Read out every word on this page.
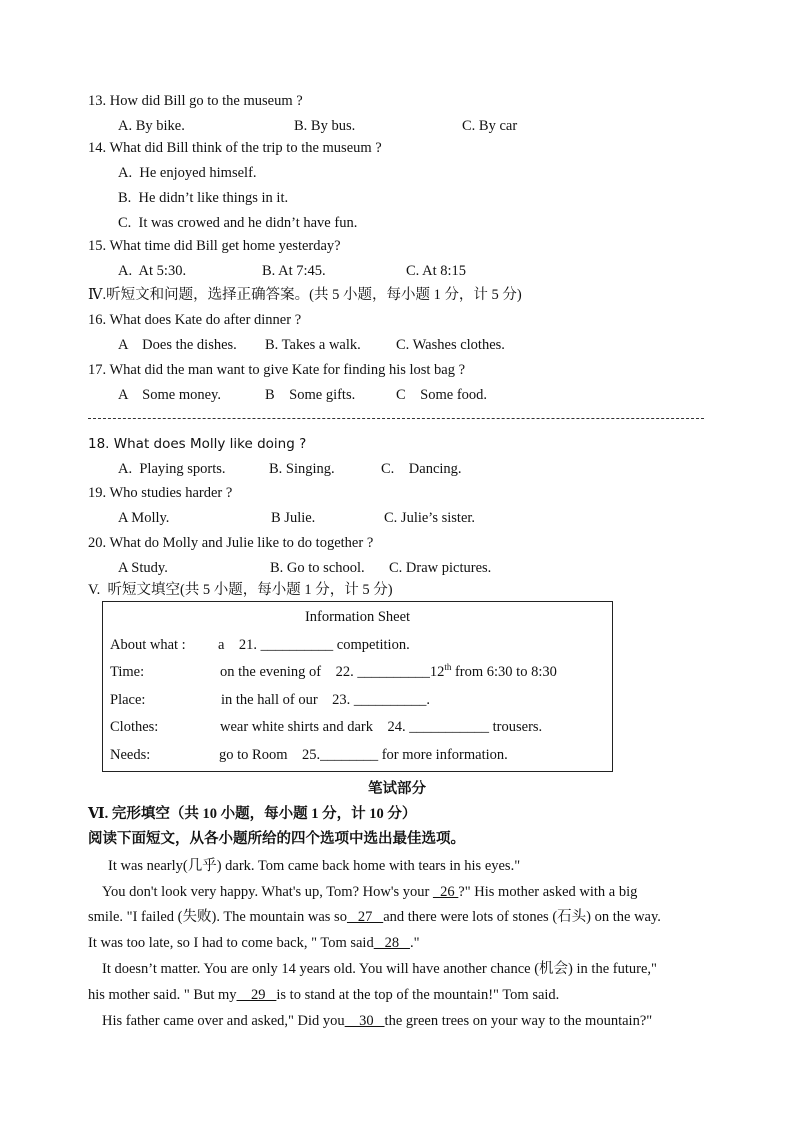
13. How did Bill go to the museum ?
A. By bike.	B. By bus.	C. By car
14. What did Bill think of the trip to the museum ?
A.  He enjoyed himself.
B.  He didn’t like things in it.
C.  It was crowed and he didn’t have fun.
15. What time did Bill get home yesterday?
A.  At 5:30.	B. At 7:45.	C. At 8:15
Ⅳ.听短文和问题，选择正确答案。(共 5 小题，每小题 1 分，计 5 分)
16. What does Kate do after dinner ?
A    Does the dishes. B. Takes a walk. C. Washes clothes.
17. What did the man want to give Kate for finding his lost bag ?
A    Some money.	B    Some gifts.	C    Some food.
18. What does Molly like doing ?
A.  Playing sports.	B. Singing.	C.    Dancing.
19. Who studies harder ?
A Molly.	B Julie.	C. Julie’s sister.
20. What do Molly and Julie like to do together ?
A Study.	B. Go to school. C. Draw pictures.
V.  听短文填空(共 5 小题，每小题 1 分，计 5 分)
Information Sheet
About what : a    21. __________ competition.
Time:	on the evening of    22. __________12th from 6:30 to 8:30
Place:	in the hall of our    23. __________.
Clothes:	wear white shirts and dark    24. ___________ trousers.
Needs:	go to Room    25.________ for more information.
笔试部分
Ⅵ. 完形填空（共 10 小题，每小题 1 分，计 10 分）
阅读下面短文，从各小题所给的四个选项中选出最佳选项。
It was nearly(几乎) dark. Tom came back home with tears in his eyes."
You don't look very happy. What's up, Tom? How's your   26 ?" His mother asked with a big
smile. "I failed (失败). The mountain was so   27   and there were lots of stones (石头) on the way.
It was too late, so I had to come back, " Tom said   28   ."
It doesn’t matter. You are only 14 years old. You will have another chance (机会) in the future,"
his mother said. " But my    29   is to stand at the top of the mountain!" Tom said.
His father came over and asked," Did you    30   the green trees on your way to the mountain?"
